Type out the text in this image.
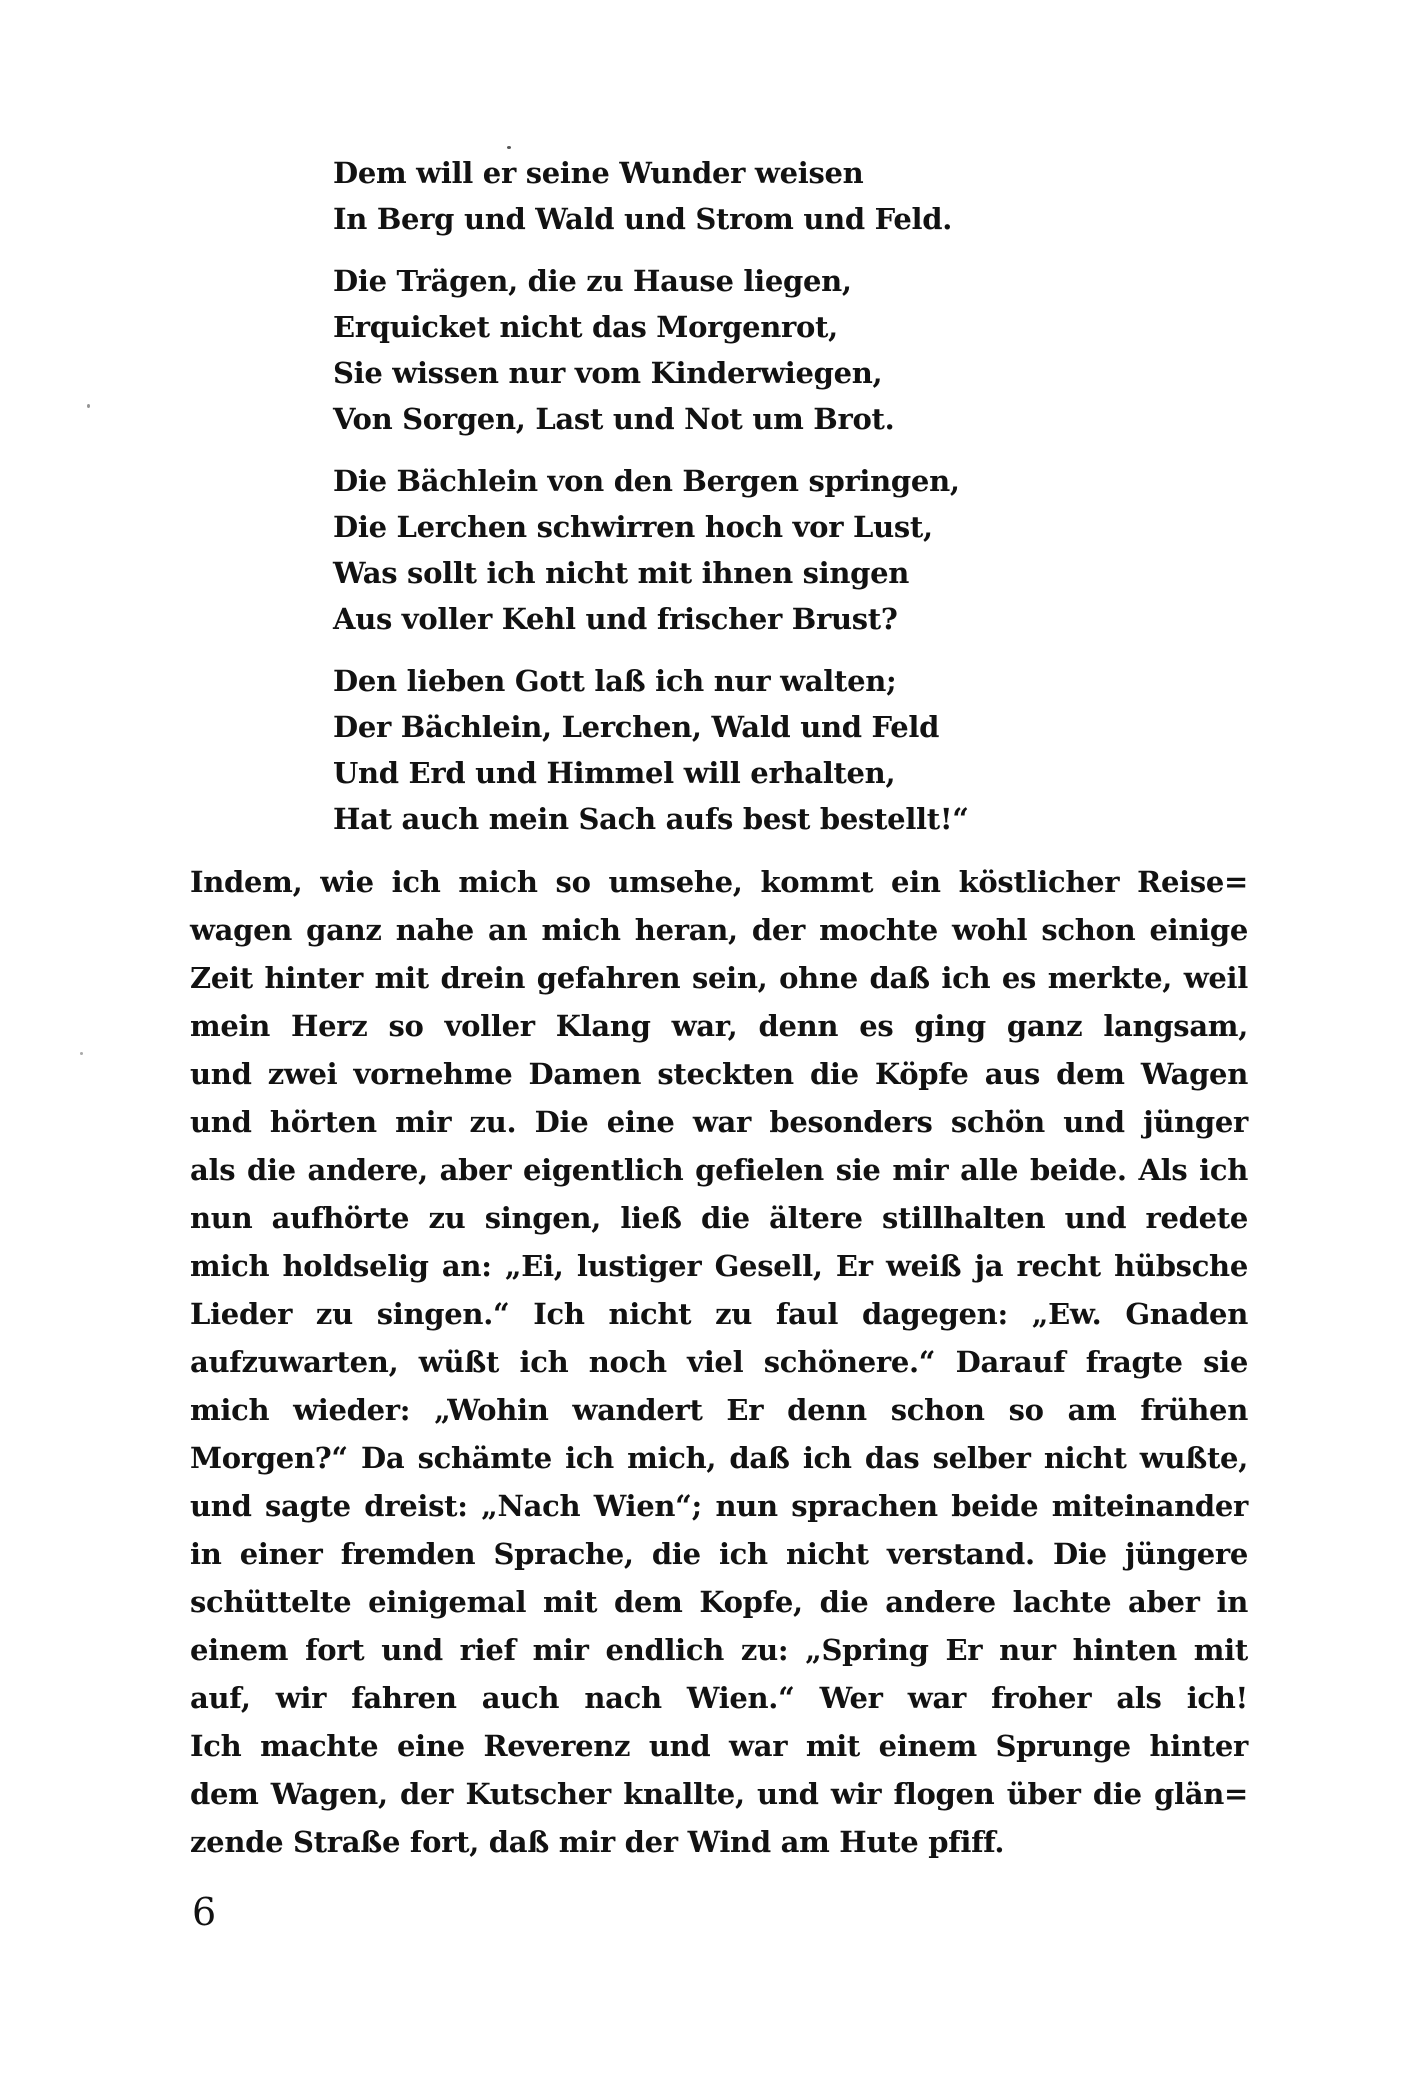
Dem will er seine Wunder weisen
In Berg und Wald und Strom und Feld.
Die Trägen, die zu Hause liegen,
Erquicket nicht das Morgenrot,
Sie wissen nur vom Kinderwiegen,
Von Sorgen, Last und Not um Brot.
Die Bächlein von den Bergen springen,
Die Lerchen schwirren hoch vor Lust,
Was sollt ich nicht mit ihnen singen
Aus voller Kehl und frischer Brust?
Den lieben Gott laß ich nur walten;
Der Bächlein, Lerchen, Wald und Feld
Und Erd und Himmel will erhalten,
Hat auch mein Sach aufs best bestellt!“
Indem, wie ich mich so umsehe, kommt ein köstlicher Reise=
wagen ganz nahe an mich heran, der mochte wohl schon einige
Zeit hinter mit drein gefahren sein, ohne daß ich es merkte, weil
mein Herz so voller Klang war, denn es ging ganz langsam,
und zwei vornehme Damen steckten die Köpfe aus dem Wagen
und hörten mir zu. Die eine war besonders schön und jünger
als die andere, aber eigentlich gefielen sie mir alle beide. Als ich
nun aufhörte zu singen, ließ die ältere stillhalten und redete
mich holdselig an: „Ei, lustiger Gesell, Er weiß ja recht hübsche
Lieder zu singen.“ Ich nicht zu faul dagegen: „Ew. Gnaden
aufzuwarten, wüßt ich noch viel schönere.“ Darauf fragte sie
mich wieder: „Wohin wandert Er denn schon so am frühen
Morgen?“ Da schämte ich mich, daß ich das selber nicht wußte,
und sagte dreist: „Nach Wien“; nun sprachen beide miteinander
in einer fremden Sprache, die ich nicht verstand. Die jüngere
schüttelte einigemal mit dem Kopfe, die andere lachte aber in
einem fort und rief mir endlich zu: „Spring Er nur hinten mit
auf, wir fahren auch nach Wien.“ Wer war froher als ich!
Ich machte eine Reverenz und war mit einem Sprunge hinter
dem Wagen, der Kutscher knallte, und wir flogen über die glän=
zende Straße fort, daß mir der Wind am Hute pfiff.
6
